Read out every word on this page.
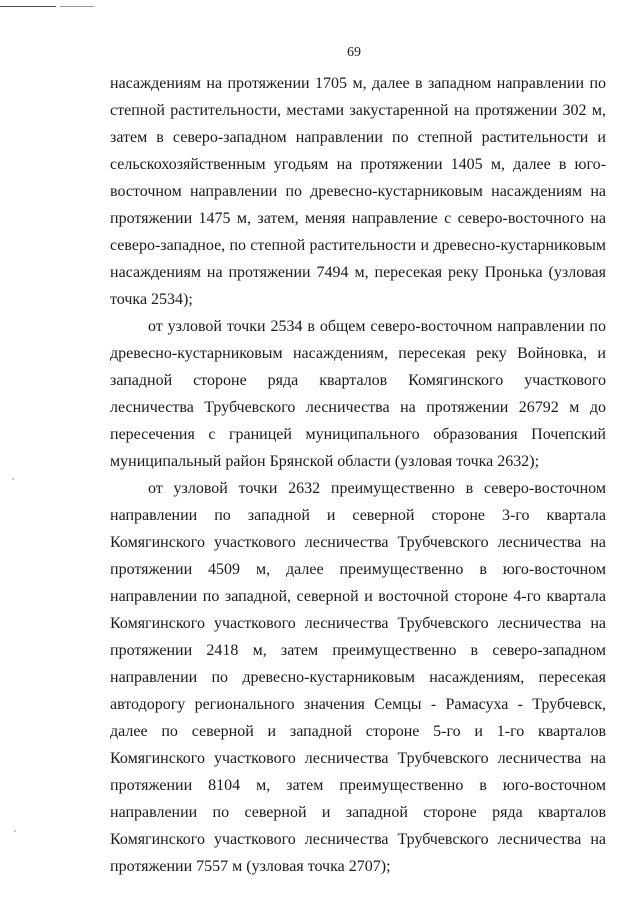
69

насаждениям на протяжении 1705 м, далее в западном направлении по степной растительности, местами закустаренной на протяжении 302 м, затем в северо-западном направлении по степной растительности и сельскохозяйственным угодьям на протяжении 1405 м, далее в юго-восточном направлении по древесно-кустарниковым насаждениям на протяжении 1475 м, затем, меняя направление с северо-восточного на северо-западное, по степной растительности и древесно-кустарниковым насаждениям на протяжении 7494 м, пересекая реку Пронька (узловая точка 2534);

от узловой точки 2534 в общем северо-восточном направлении по древесно-кустарниковым насаждениям, пересекая реку Войновка, и западной стороне ряда кварталов Комягинского участкового лесничества Трубчевского лесничества на протяжении 26792 м до пересечения с границей муниципального образования Почепский муниципальный район Брянской области (узловая точка 2632);

от узловой точки 2632 преимущественно в северо-восточном направлении по западной и северной стороне 3-го квартала Комягинского участкового лесничества Трубчевского лесничества на протяжении 4509 м, далее преимущественно в юго-восточном направлении по западной, северной и восточной стороне 4-го квартала Комягинского участкового лесничества Трубчевского лесничества на протяжении 2418 м, затем преимущественно в северо-западном направлении по древесно-кустарниковым насаждениям, пересекая автодорогу регионального значения Семцы - Рамасуха - Трубчевск, далее по северной и западной стороне 5-го и 1-го кварталов Комягинского участкового лесничества Трубчевского лесничества на протяжении 8104 м, затем преимущественно в юго-восточном направлении по северной и западной стороне ряда кварталов Комягинского участкового лесничества Трубчевского лесничества на протяжении 7557 м (узловая точка 2707);
